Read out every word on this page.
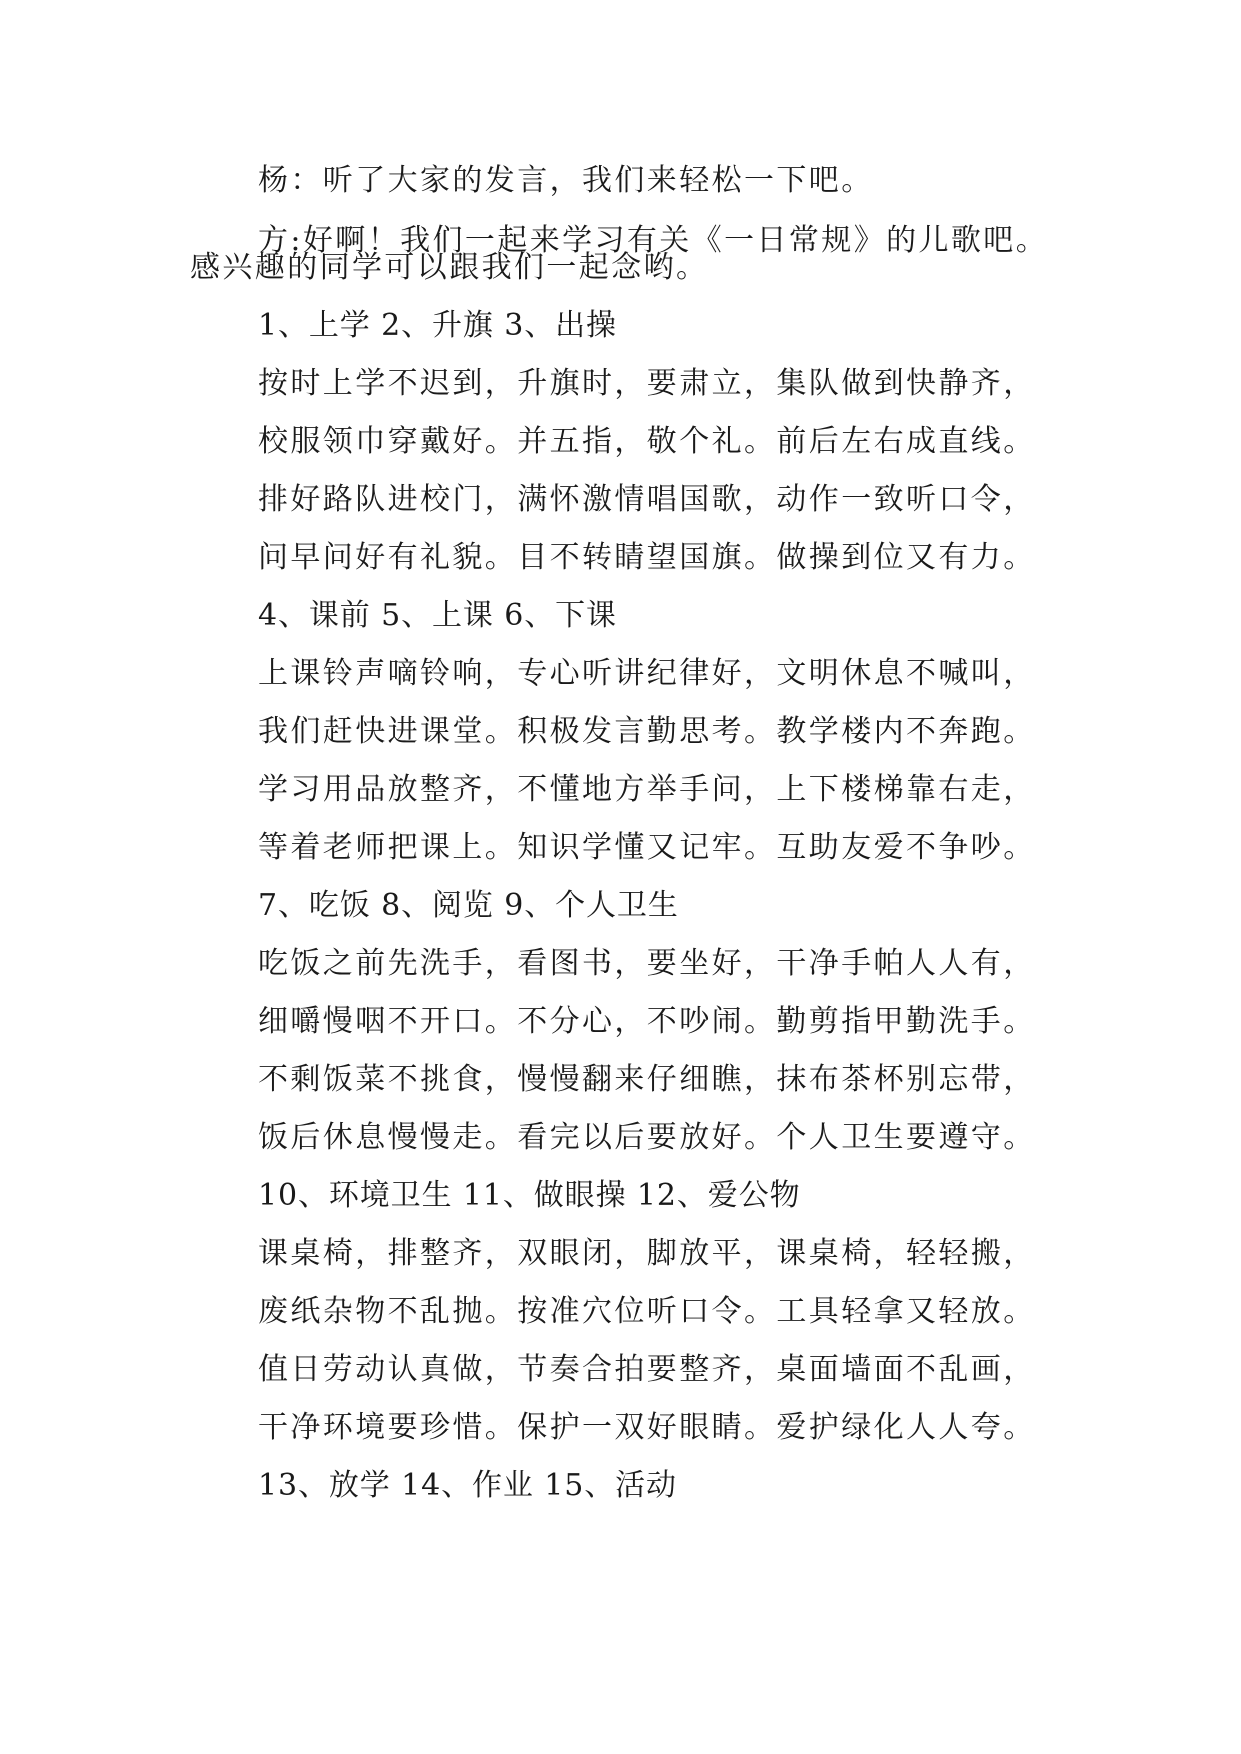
杨：听了大家的发言，我们来轻松一下吧。
方:好啊！我们一起来学习有关《一日常规》的儿歌吧。
感兴趣的同学可以跟我们一起念哟。
1、上学 2、升旗 3、出操
按时上学不迟到，升旗时，要肃立，集队做到快静齐，
校服领巾穿戴好。并五指，敬个礼。前后左右成直线。
排好路队进校门，满怀激情唱国歌，动作一致听口令，
问早问好有礼貌。目不转睛望国旗。做操到位又有力。
4、课前 5、上课 6、下课
上课铃声嘀铃响，专心听讲纪律好，文明休息不喊叫，
我们赶快进课堂。积极发言勤思考。教学楼内不奔跑。
学习用品放整齐，不懂地方举手问，上下楼梯靠右走，
等着老师把课上。知识学懂又记牢。互助友爱不争吵。
7、吃饭 8、阅览 9、个人卫生
吃饭之前先洗手，看图书，要坐好，干净手帕人人有，
细嚼慢咽不开口。不分心，不吵闹。勤剪指甲勤洗手。
不剩饭菜不挑食，慢慢翻来仔细瞧，抹布茶杯别忘带，
饭后休息慢慢走。看完以后要放好。个人卫生要遵守。
10、环境卫生 11、做眼操 12、爱公物
课桌椅，排整齐，双眼闭，脚放平，课桌椅，轻轻搬，
废纸杂物不乱抛。按准穴位听口令。工具轻拿又轻放。
值日劳动认真做，节奏合拍要整齐，桌面墙面不乱画，
干净环境要珍惜。保护一双好眼睛。爱护绿化人人夸。
13、放学 14、作业 15、活动
